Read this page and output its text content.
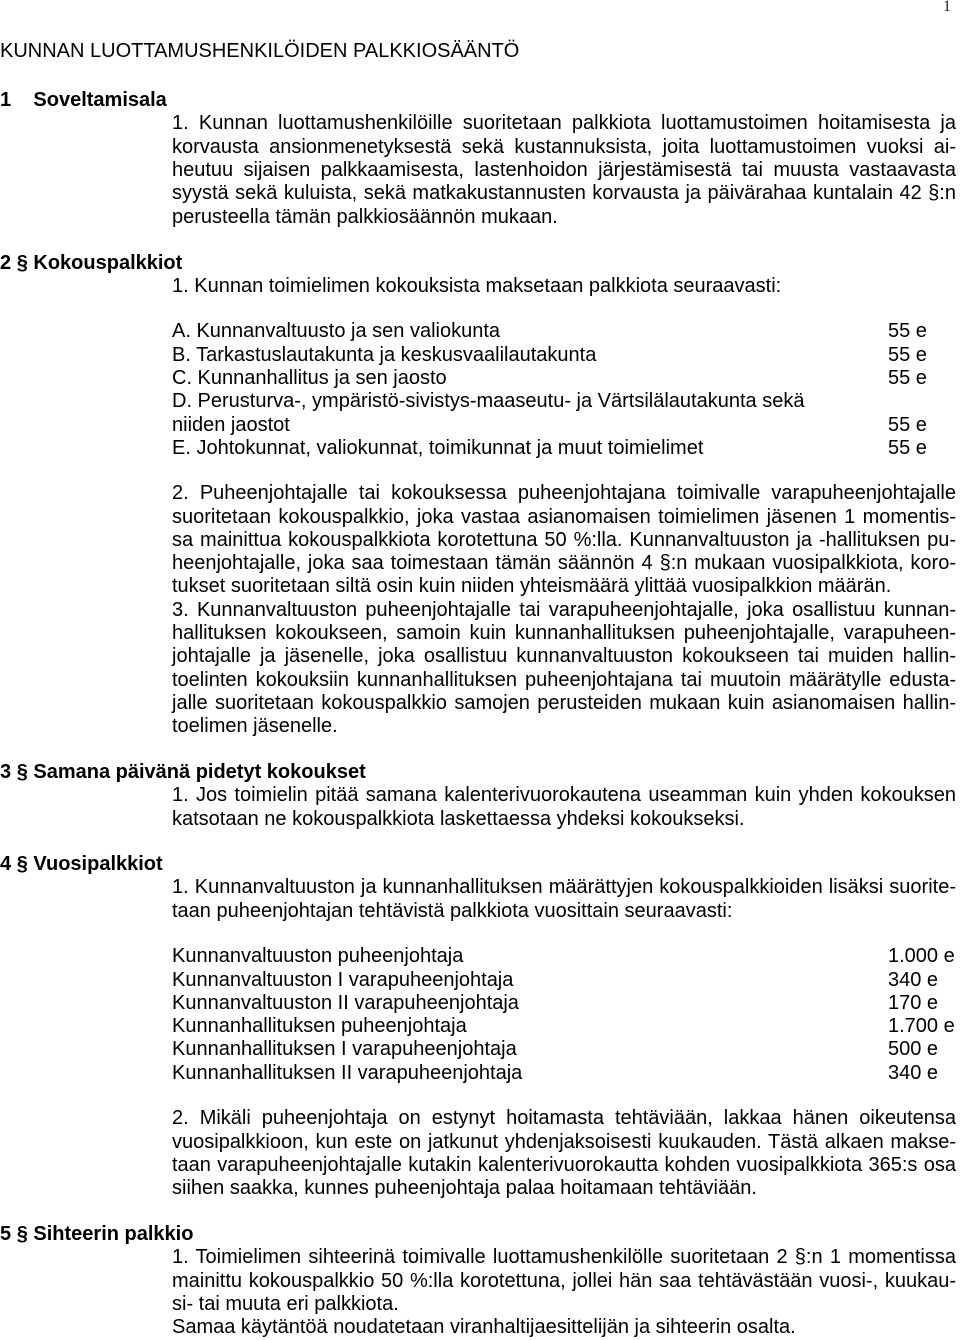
1
KUNNAN LUOTTAMUSHENKILÖIDEN PALKKIOSÄÄNTÖ
1 Soveltamisala
1. Kunnan luottamushenkilöille suoritetaan palkkiota luottamustoimen hoitamisesta ja
korvausta ansionmenetyksestä sekä kustannuksista, joita luottamustoimen vuoksi ai-
heutuu sijaisen palkkaamisesta, lastenhoidon järjestämisestä tai muusta vastaavasta
syystä sekä kuluista, sekä matkakustannusten korvausta ja päivärahaa kuntalain 42 §:n
perusteella tämän palkkiosäännön mukaan.
2 § Kokouspalkkiot
1. Kunnan toimielimen kokouksista maksetaan palkkiota seuraavasti:
A. Kunnanvaltuusto ja sen valiokunta	55 e
B. Tarkastuslautakunta ja keskusvaalilautakunta	55 e
C. Kunnanhallitus ja sen jaosto	55 e
D. Perusturva-, ympäristö-sivistys-maaseutu- ja Värtsilälautakunta sekä
niiden jaostot	55 e
E. Johtokunnat, valiokunnat, toimikunnat ja muut toimielimet	55 e
2. Puheenjohtajalle tai kokouksessa puheenjohtajana toimivalle varapuheenjohtajalle
suoritetaan kokouspalkkio, joka vastaa asianomaisen toimielimen jäsenen 1 momentis-
sa mainittua kokouspalkkiota korotettuna 50 %:lla. Kunnanvaltuuston ja -hallituksen pu-
heenjohtajalle, joka saa toimestaan tämän säännön 4 §:n mukaan vuosipalkkiota, koro-
tukset suoritetaan siltä osin kuin niiden yhteismäärä ylittää vuosipalkkion määrän.
3. Kunnanvaltuuston puheenjohtajalle tai varapuheenjohtajalle, joka osallistuu kunnan-
hallituksen kokoukseen, samoin kuin kunnanhallituksen puheenjohtajalle, varapuheen-
johtajalle ja jäsenelle, joka osallistuu kunnanvaltuuston kokoukseen tai muiden hallin-
toelinten kokouksiin kunnanhallituksen puheenjohtajana tai muutoin määrätylle edusta-
jalle suoritetaan kokouspalkkio samojen perusteiden mukaan kuin asianomaisen hallin-
toelimen jäsenelle.
3 § Samana päivänä pidetyt kokoukset
1. Jos toimielin pitää samana kalenterivuorokautena useamman kuin yhden kokouksen
katsotaan ne kokouspalkkiota laskettaessa yhdeksi kokoukseksi.
4 § Vuosipalkkiot
1. Kunnanvaltuuston ja kunnanhallituksen määrättyjen kokouspalkkioiden lisäksi suorite-
taan puheenjohtajan tehtävistä palkkiota vuosittain seuraavasti:
Kunnanvaltuuston puheenjohtaja	1.000 e
Kunnanvaltuuston I varapuheenjohtaja	340 e
Kunnanvaltuuston II varapuheenjohtaja	170 e
Kunnanhallituksen puheenjohtaja	1.700 e
Kunnanhallituksen I varapuheenjohtaja	500 e
Kunnanhallituksen II varapuheenjohtaja	340 e
2. Mikäli puheenjohtaja on estynyt hoitamasta tehtäviään, lakkaa hänen oikeutensa
vuosipalkkioon, kun este on jatkunut yhdenjaksoisesti kuukauden. Tästä alkaen makse-
taan varapuheenjohtajalle kutakin kalenterivuorokautta kohden vuosipalkkiota 365:s osa
siihen saakka, kunnes puheenjohtaja palaa hoitamaan tehtäviään.
5 § Sihteerin palkkio
1. Toimielimen sihteerinä toimivalle luottamushenkilölle suoritetaan 2 §:n 1 momentissa
mainittu kokouspalkkio 50 %:lla korotettuna, jollei hän saa tehtävästään vuosi-, kuukau-
si- tai muuta eri palkkiota.
Samaa käytäntöä noudatetaan viranhaltijaesittelijän ja sihteerin osalta.
